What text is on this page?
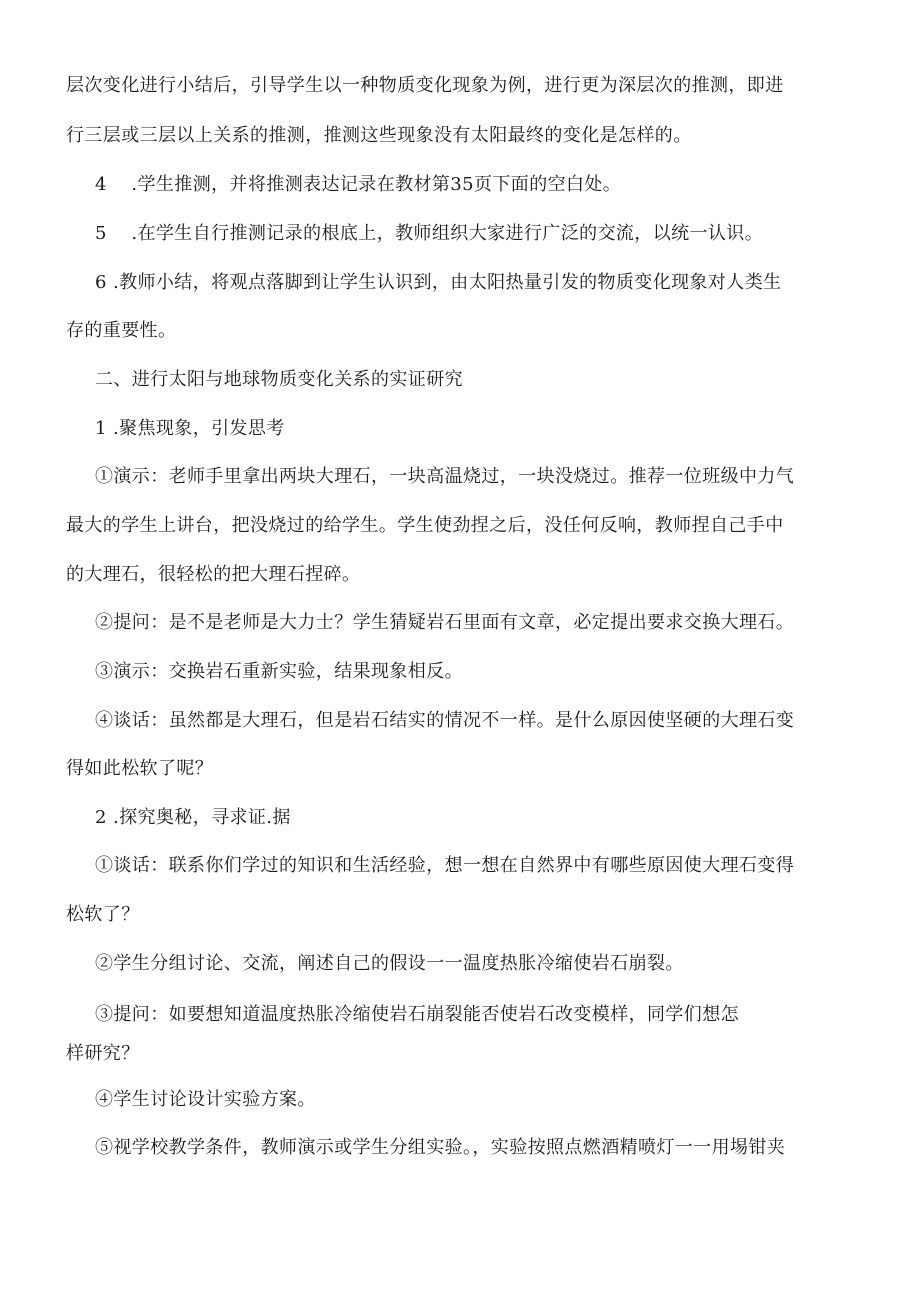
层次变化进行小结后，引导学生以一种物质变化现象为例，进行更为深层次的推测，即进
行三层或三层以上关系的推测，推测这些现象没有太阳最终的变化是怎样的。
4　 .学生推测，并将推测表达记录在教材第35页下面的空白处。
5　 .在学生自行推测记录的根底上，教师组织大家进行广泛的交流，以统一认识。
6 .教师小结，将观点落脚到让学生认识到，由太阳热量引发的物质变化现象对人类生
存的重要性。
二、进行太阳与地球物质变化关系的实证研究
1 .聚焦现象，引发思考
①演示：老师手里拿出两块大理石，一块高温烧过，一块没烧过。推荐一位班级中力气
最大的学生上讲台，把没烧过的给学生。学生使劲捏之后，没任何反响，教师捏自己手中
的大理石，很轻松的把大理石捏碎。
②提问：是不是老师是大力士？学生猜疑岩石里面有文章，必定提出要求交换大理石。
③演示：交换岩石重新实验，结果现象相反。
④谈话：虽然都是大理石，但是岩石结实的情况不一样。是什么原因使坚硬的大理石变
得如此松软了呢？
2 .探究奥秘，寻求证.据
①谈话：联系你们学过的知识和生活经验，想一想在自然界中有哪些原因使大理石变得
松软了？
②学生分组讨论、交流，阐述自己的假设一一温度热胀冷缩使岩石崩裂。
③提问：如要想知道温度热胀冷缩使岩石崩裂能否使岩石改变模样，同学们想怎
样研究？
④学生讨论设计实验方案。
⑤视学校教学条件，教师演示或学生分组实验。，实验按照点燃酒精喷灯一一用埸钳夹
